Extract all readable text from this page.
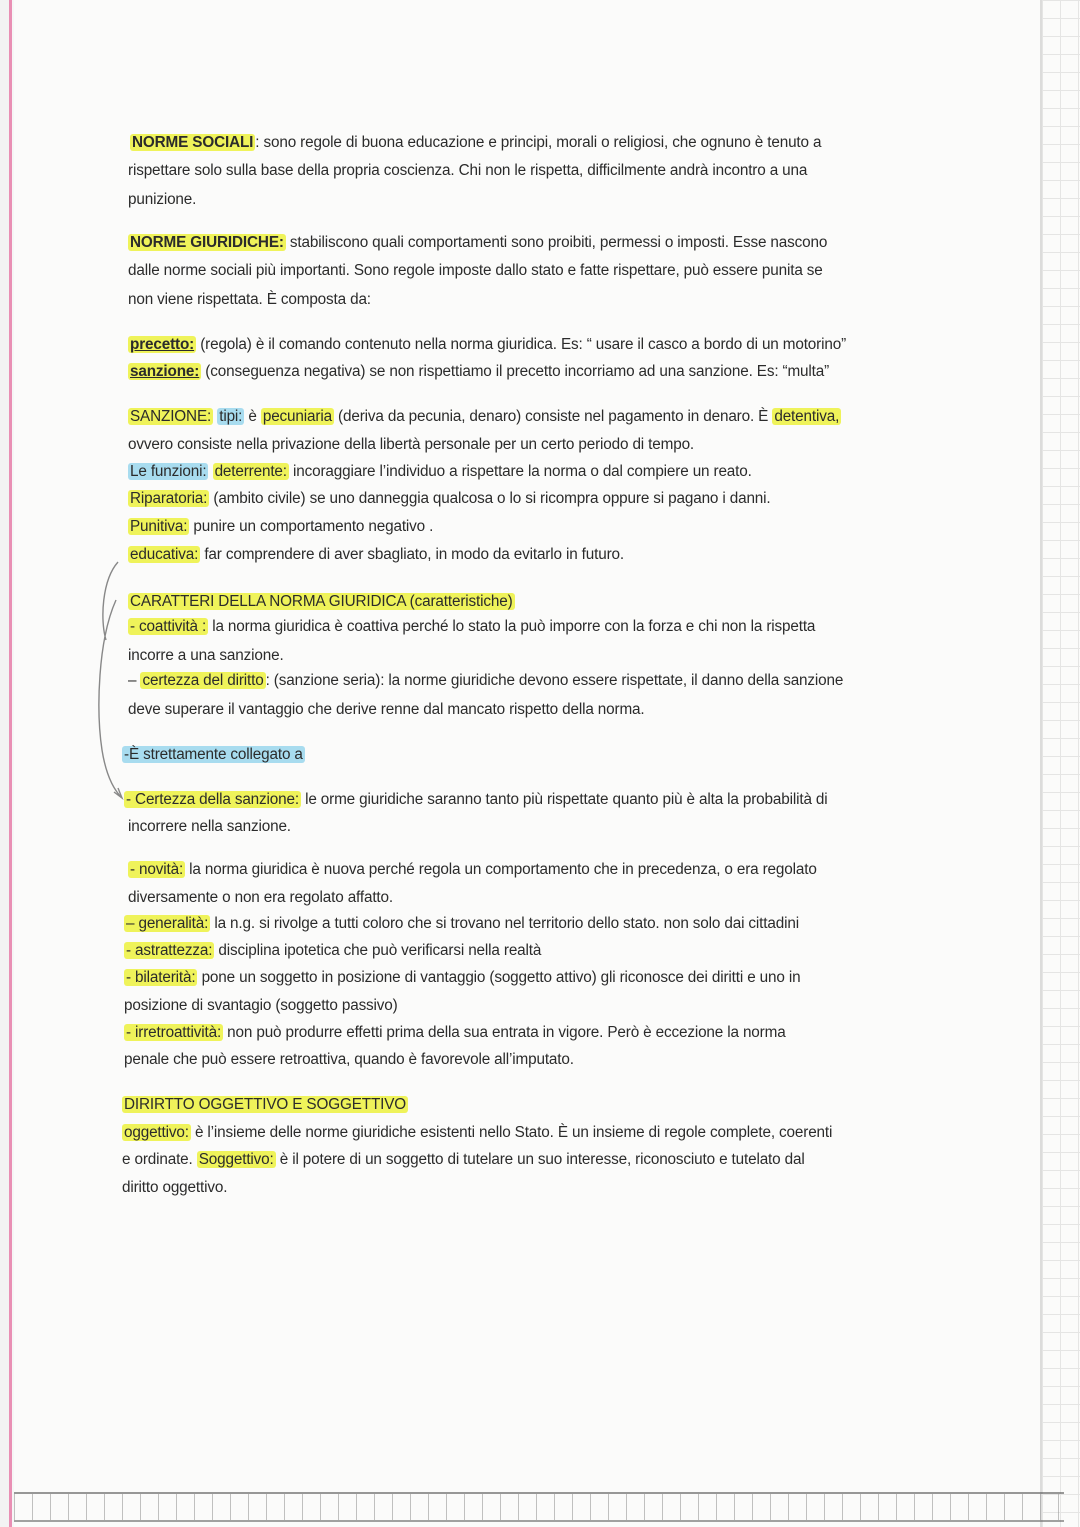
NORME SOCIALI : sono regole di buona educazione e principi, morali o religiosi, che ognuno è tenuto a
rispettare solo sulla base della propria coscienza. Chi non le rispetta, difficilmente andrà incontro a una
punizione.
NORME GIURIDICHE: stabiliscono quali comportamenti sono proibiti, permessi o imposti. Esse nascono
dalle norme sociali più importanti. Sono regole imposte dallo stato e fatte rispettare, può essere punita se
non viene rispettata. È composta da:
precetto: (regola) è il comando contenuto nella norma giuridica. Es: “ usare il casco a bordo di un motorino”
sanzione: (conseguenza negativa) se non rispettiamo il precetto incorriamo ad una sanzione. Es: “multa”
SANZIONE: tipi: è pecuniaria (deriva da pecunia, denaro) consiste nel pagamento in denaro. È detentiva,
ovvero consiste nella privazione della libertà personale per un certo periodo di tempo.
Le funzioni: deterrente: incoraggiare l’individuo a rispettare la norma o dal compiere un reato.
Riparatoria: (ambito civile) se uno danneggia qualcosa o lo si ricompra oppure si pagano i danni.
Punitiva: punire un comportamento negativo .
educativa: far comprendere di aver sbagliato, in modo da evitarlo in futuro.
CARATTERI DELLA NORMA GIURIDICA (caratteristiche)
- coattività : la norma giuridica è coattiva perché lo stato la può imporre con la forza e chi non la rispetta
incorre a una sanzione.
– certezza del diritto : (sanzione seria): la norme giuridiche devono essere rispettate, il danno della sanzione
deve superare il vantaggio che derive renne dal mancato rispetto della norma.
-È strettamente collegato a
- Certezza della sanzione: le orme giuridiche saranno tanto più rispettate quanto più è alta la probabilità di
incorrere nella sanzione.
- novità: la norma giuridica è nuova perché regola un comportamento che in precedenza, o era regolato
diversamente o non era regolato affatto.
– generalità: la n.g. si rivolge a tutti coloro che si trovano nel territorio dello stato. non solo dai cittadini
- astrattezza: disciplina ipotetica che può verificarsi nella realtà
- bilaterità: pone un soggetto in posizione di vantaggio (soggetto attivo) gli riconosce dei diritti e uno in
posizione di svantagio (soggetto passivo)
- irretroattività: non può produrre effetti prima della sua entrata in vigore. Però è eccezione la norma
penale che può essere retroattiva, quando è favorevole all’imputato.
DIRIRTTO OGGETTIVO E SOGGETTIVO
oggettivo: è l’insieme delle norme giuridiche esistenti nello Stato. È un insieme di regole complete, coerenti
e ordinate. Soggettivo: è il potere di un soggetto di tutelare un suo interesse, riconosciuto e tutelato dal
diritto oggettivo.
